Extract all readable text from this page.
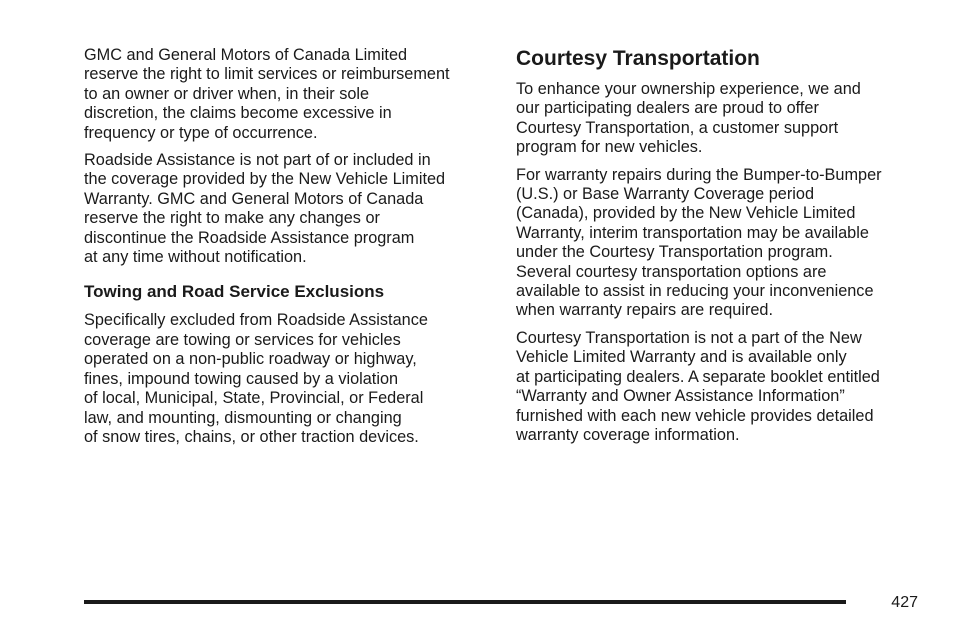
GMC and General Motors of Canada Limited
reserve the right to limit services or reimbursement
to an owner or driver when, in their sole
discretion, the claims become excessive in
frequency or type of occurrence.

Roadside Assistance is not part of or included in
the coverage provided by the New Vehicle Limited
Warranty. GMC and General Motors of Canada
reserve the right to make any changes or
discontinue the Roadside Assistance program
at any time without notification.

Towing and Road Service Exclusions

Specifically excluded from Roadside Assistance
coverage are towing or services for vehicles
operated on a non-public roadway or highway,
fines, impound towing caused by a violation
of local, Municipal, State, Provincial, or Federal
law, and mounting, dismounting or changing
of snow tires, chains, or other traction devices.

Courtesy Transportation

To enhance your ownership experience, we and
our participating dealers are proud to offer
Courtesy Transportation, a customer support
program for new vehicles.

For warranty repairs during the Bumper-to-Bumper
(U.S.) or Base Warranty Coverage period
(Canada), provided by the New Vehicle Limited
Warranty, interim transportation may be available
under the Courtesy Transportation program.
Several courtesy transportation options are
available to assist in reducing your inconvenience
when warranty repairs are required.

Courtesy Transportation is not a part of the New
Vehicle Limited Warranty and is available only
at participating dealers. A separate booklet entitled
“Warranty and Owner Assistance Information”
furnished with each new vehicle provides detailed
warranty coverage information.

427
